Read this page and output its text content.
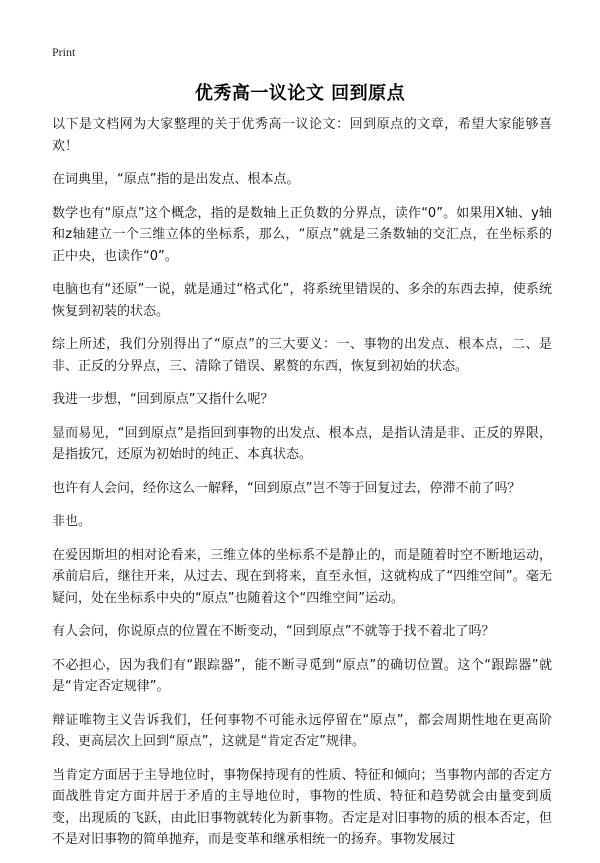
Print
优秀高一议论文 回到原点

以下是文档网为大家整理的关于优秀高一议论文：回到原点的文章，希望大家能够喜欢！

在词典里，“原点”指的是出发点、根本点。

数学也有“原点”这个概念，指的是数轴上正负数的分界点，读作“0”。如果用X轴、y轴和z轴建立一个三维立体的坐标系，那么，“原点”就是三条数轴的交汇点，在坐标系的正中央，也读作“0”。

电脑也有“还原”一说，就是通过“格式化”，将系统里错误的、多余的东西去掉，使系统恢复到初装的状态。

综上所述，我们分别得出了“原点”的三大要义：一、事物的出发点、根本点，二、是非、正反的分界点，三、清除了错误、累赘的东西，恢复到初始的状态。

我进一步想，“回到原点”又指什么呢？

显而易见，“回到原点”是指回到事物的出发点、根本点，是指认清是非、正反的界限，是指拔冗，还原为初始时的纯正、本真状态。

也许有人会问，经你这么一解释，“回到原点”岂不等于回复过去，停滞不前了吗？

非也。

在爱因斯坦的相对论看来，三维立体的坐标系不是静止的，而是随着时空不断地运动，承前启后，继往开来，从过去、现在到将来，直至永恒，这就构成了“四维空间”。毫无疑问，处在坐标系中央的“原点”也随着这个“四维空间”运动。

有人会问，你说原点的位置在不断变动，“回到原点”不就等于找不着北了吗？

不必担心，因为我们有“跟踪器”，能不断寻觅到“原点”的确切位置。这个“跟踪器”就是“肯定否定规律”。

辩证唯物主义告诉我们，任何事物不可能永远停留在“原点”，都会周期性地在更高阶段、更高层次上回到“原点”，这就是“肯定否定”规律。

当肯定方面居于主导地位时，事物保持现有的性质、特征和倾向；当事物内部的否定方面战胜肯定方面并居于矛盾的主导地位时，事物的性质、特征和趋势就会由量变到质变，出现质的飞跃，由此旧事物就转化为新事物。否定是对旧事物的质的根本否定，但不是对旧事物的简单抛弃，而是变革和继承相统一的扬弃。事物发展过
